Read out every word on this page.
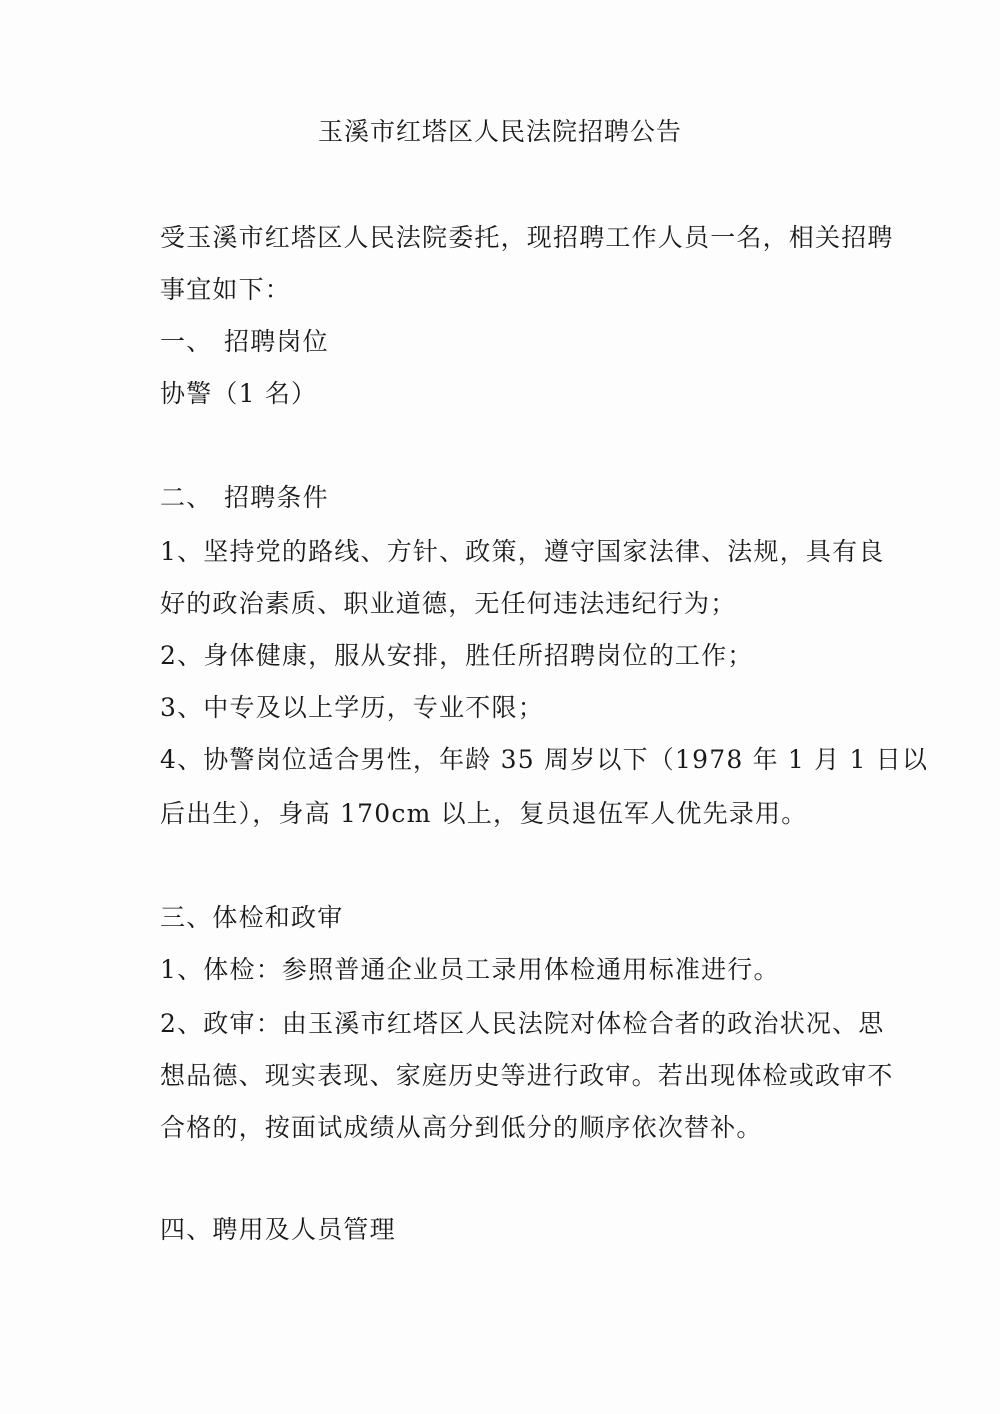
玉溪市红塔区人民法院招聘公告
受玉溪市红塔区人民法院委托，现招聘工作人员一名，相关招聘
事宜如下：
一、 招聘岗位
协警（1 名）
二、 招聘条件
1、坚持党的路线、方针、政策，遵守国家法律、法规，具有良
好的政治素质、职业道德，无任何违法违纪行为；
2、身体健康，服从安排，胜任所招聘岗位的工作；
3、中专及以上学历，专业不限；
4、协警岗位适合男性，年龄 35 周岁以下（1978 年 1 月 1 日以
后出生），身高 170cm 以上，复员退伍军人优先录用。
三、体检和政审
1、体检：参照普通企业员工录用体检通用标准进行。
2、政审：由玉溪市红塔区人民法院对体检合者的政治状况、思
想品德、现实表现、家庭历史等进行政审。若出现体检或政审不
合格的，按面试成绩从高分到低分的顺序依次替补。
四、聘用及人员管理
